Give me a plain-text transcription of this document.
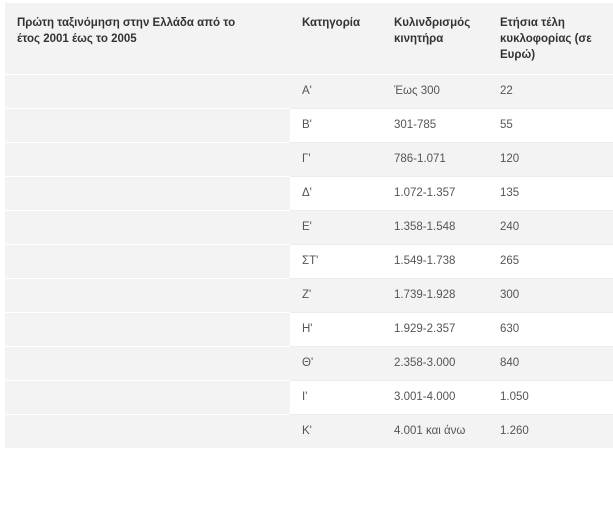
Πρώτη ταξινόμηση στην Ελλάδα από το έτος 2001 έως το 2005	Κατηγορία	Κυλινδρισμός κινητήρα	Ετήσια τέλη κυκλοφορίας (σε Ευρώ)
	Α'	Έως 300	22
	Β'	301-785	55
	Γ'	786-1.071	120
	Δ'	1.072-1.357	135
	Ε'	1.358-1.548	240
	ΣΤ'	1.549-1.738	265
	Ζ'	1.739-1.928	300
	Η'	1.929-2.357	630
	Θ'	2.358-3.000	840
	Ι'	3.001-4.000	1.050
	Κ'	4.001 και άνω	1.260
